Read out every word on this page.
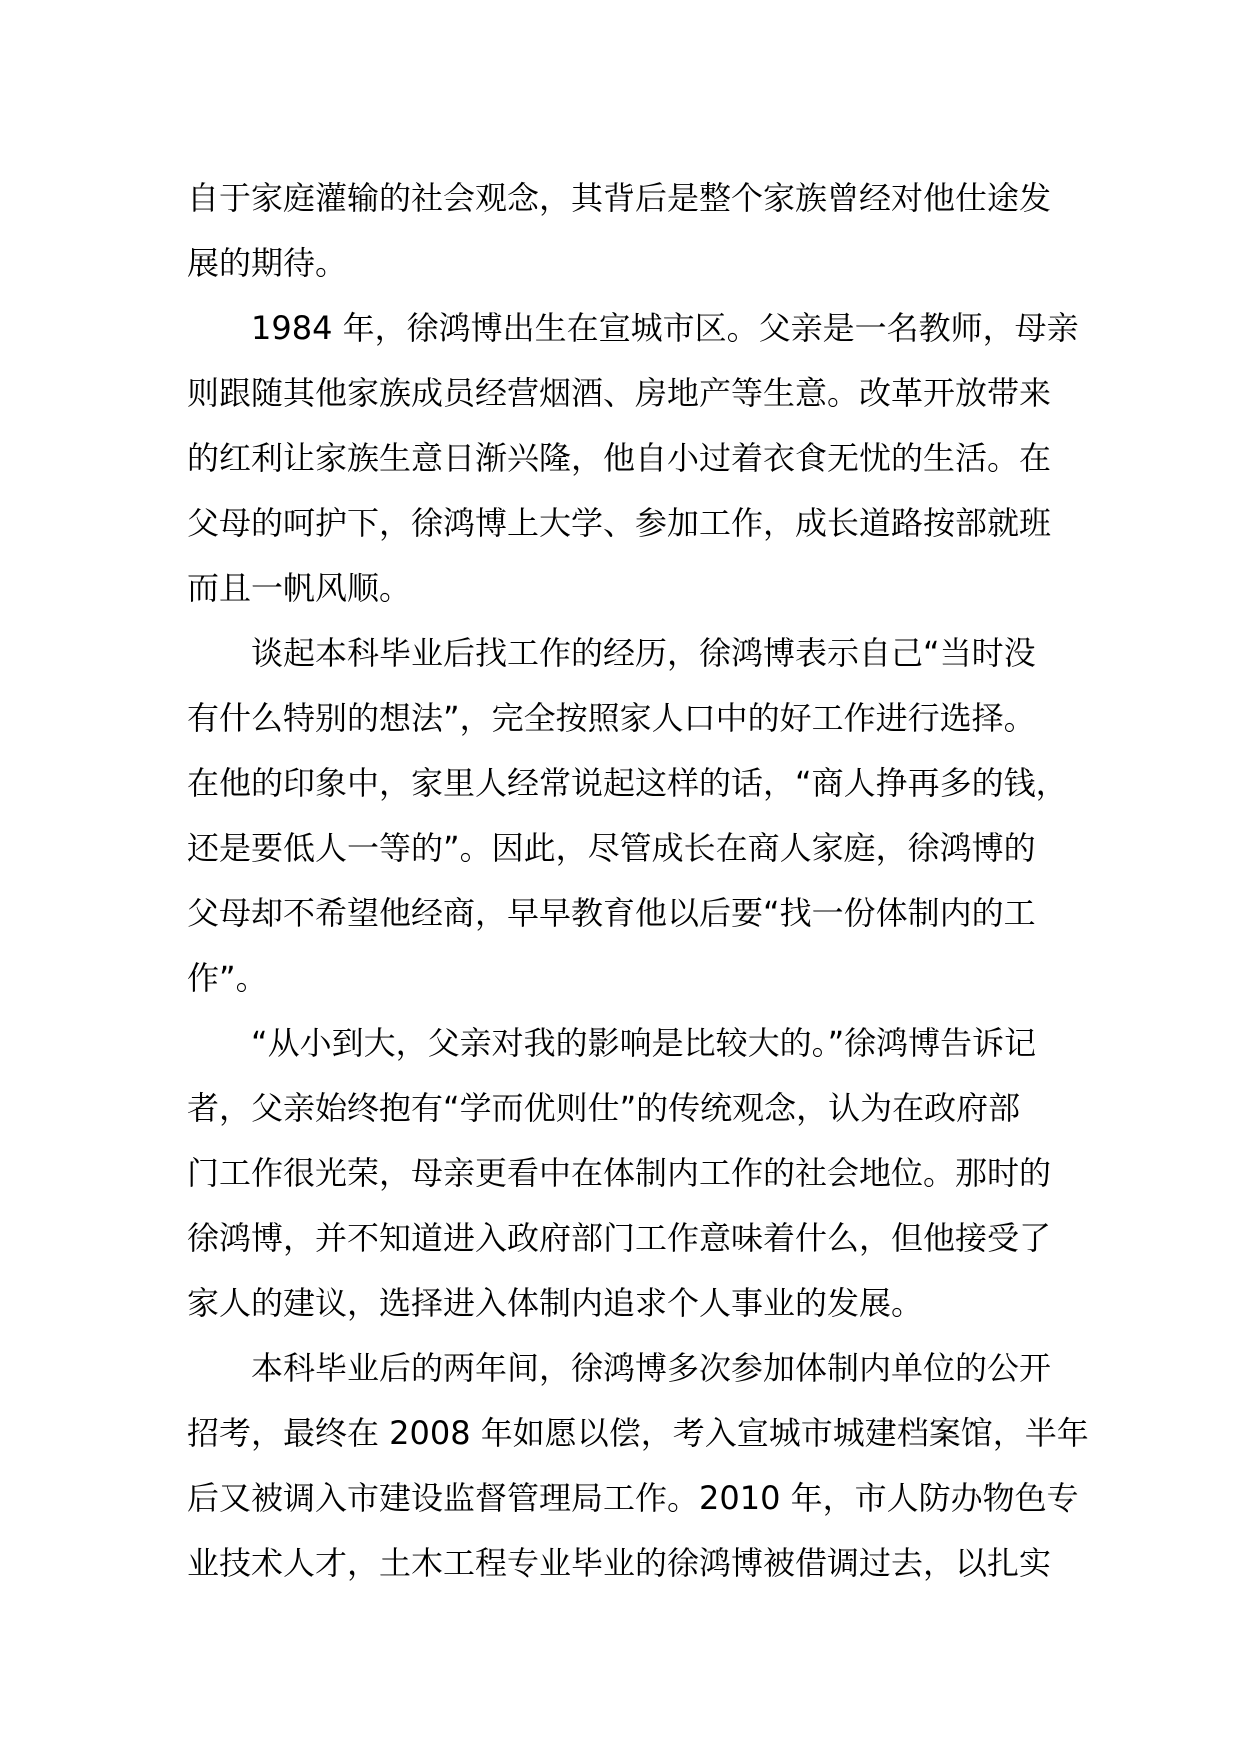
自于家庭灌输的社会观念，其背后是整个家族曾经对他仕途发
展的期待。
1984 年，徐鸿博出生在宣城市区。父亲是一名教师，母亲
则跟随其他家族成员经营烟酒、房地产等生意。改革开放带来
的红利让家族生意日渐兴隆，他自小过着衣食无忧的生活。在
父母的呵护下，徐鸿博上大学、参加工作，成长道路按部就班
而且一帆风顺。
谈起本科毕业后找工作的经历，徐鸿博表示自己“当时没
有什么特别的想法”，完全按照家人口中的好工作进行选择。
在他的印象中，家里人经常说起这样的话，“商人挣再多的钱，
还是要低人一等的”。因此，尽管成长在商人家庭，徐鸿博的
父母却不希望他经商，早早教育他以后要“找一份体制内的工
作”。
“从小到大，父亲对我的影响是比较大的。”徐鸿博告诉记
者，父亲始终抱有“学而优则仕”的传统观念，认为在政府部
门工作很光荣，母亲更看中在体制内工作的社会地位。那时的
徐鸿博，并不知道进入政府部门工作意味着什么，但他接受了
家人的建议，选择进入体制内追求个人事业的发展。
本科毕业后的两年间，徐鸿博多次参加体制内单位的公开
招考，最终在 2008 年如愿以偿，考入宣城市城建档案馆，半年
后又被调入市建设监督管理局工作。2010 年，市人防办物色专
业技术人才，土木工程专业毕业的徐鸿博被借调过去，以扎实
